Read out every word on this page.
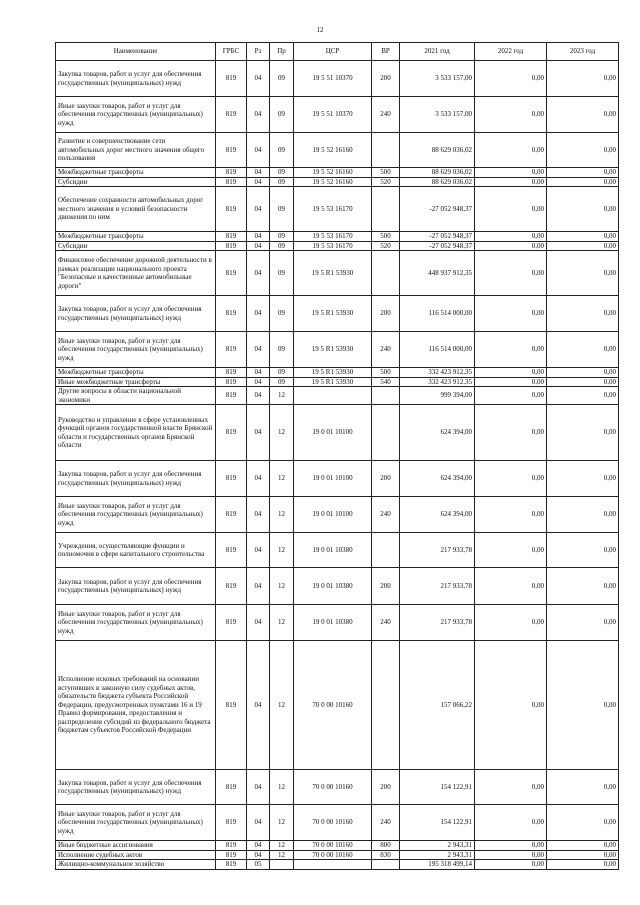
12
Наименование	ГРБС	Рз	Пр	ЦСР	ВР	2021 год	2022 год	2023 год
Закупка товаров, работ и услуг для обеспечения государственных (муниципальных) нужд	819	04	09	19 5 51 10370	200	3 533 157,00	0,00	0,00
Иные закупки товаров, работ и услуг для обеспечения государственных (муниципальных) нужд	819	04	09	19 5 51 10370	240	3 533 157,00	0,00	0,00
Развитие и совершенствование сети автомобильных дорог местного значения общего пользования	819	04	09	19 5 52 16160		88 629 036,02	0,00	0,00
Межбюджетные трансферты	819	04	09	19 5 52 16160	500	88 629 036,02	0,00	0,00
Субсидии	819	04	09	19 5 52 16160	520	88 629 036,02	0,00	0,00
Обеспечение сохранности автомобильных дорог местного значения и условий безопасности движения по ним	819	04	09	19 5 53 16170		-27 052 948,37	0,00	0,00
Межбюджетные трансферты	819	04	09	19 5 53 16170	500	-27 052 948,37	0,00	0,00
Субсидии	819	04	09	19 5 53 16170	520	-27 052 948,37	0,00	0,00
Финансовое обеспечение дорожной деятельности в рамках реализации национального проекта "Безопасные и качественные автомобильные дороги"	819	04	09	19 5 R1 53930		448 937 912,35	0,00	0,00
Закупка товаров, работ и услуг для обеспечения государственных (муниципальных) нужд	819	04	09	19 5 R1 53930	200	116 514 000,00	0,00	0,00
Иные закупки товаров, работ и услуг для обеспечения государственных (муниципальных) нужд	819	04	09	19 5 R1 53930	240	116 514 000,00	0,00	0,00
Межбюджетные трансферты	819	04	09	19 5 R1 53930	500	332 423 912,35	0,00	0,00
Иные межбюджетные трансферты	819	04	09	19 5 R1 53930	540	332 423 912,35	0,00	0,00
Другие вопросы в области национальной экономики	819	04	12			999 394,00	0,00	0,00
Руководство и управление в сфере установленных функций органов государственной власти Брянской области и государственных органов Брянской области	819	04	12	19 0 01 10100		624 394,00	0,00	0,00
Закупка товаров, работ и услуг для обеспечения государственных (муниципальных) нужд	819	04	12	19 0 01 10100	200	624 394,00	0,00	0,00
Иные закупки товаров, работ и услуг для обеспечения государственных (муниципальных) нужд	819	04	12	19 0 01 10100	240	624 394,00	0,00	0,00
Учреждения, осуществляющие функции и полномочия в сфере капитального строительства	819	04	12	19 0 01 10380		217 933,78	0,00	0,00
Закупка товаров, работ и услуг для обеспечения государственных (муниципальных) нужд	819	04	12	19 0 01 10380	200	217 933,78	0,00	0,00
Иные закупки товаров, работ и услуг для обеспечения государственных (муниципальных) нужд	819	04	12	19 0 01 10380	240	217 933,78	0,00	0,00
Исполнение исковых требований на основании вступивших в законную силу судебных актов, обязательств бюджета субъекта Российской Федерации, предусмотренных пунктами 16 и 19 Правил формирования, предоставления и распределения субсидий из федерального бюджета бюджетам субъектов Российской Федерации	819	04	12	70 0 00 10160		157 066,22	0,00	0,00
Закупка товаров, работ и услуг для обеспечения государственных (муниципальных) нужд	819	04	12	70 0 00 10160	200	154 122,91	0,00	0,00
Иные закупки товаров, работ и услуг для обеспечения государственных (муниципальных) нужд	819	04	12	70 0 00 10160	240	154 122,91	0,00	0,00
Иные бюджетные ассигнования	819	04	12	70 0 00 10160	800	2 943,31	0,00	0,00
Исполнение судебных актов	819	04	12	70 0 00 10160	830	2 943,31	0,00	0,00
Жилищно-коммунальное хозяйство	819	05				195 318 499,14	0,00	0,00
